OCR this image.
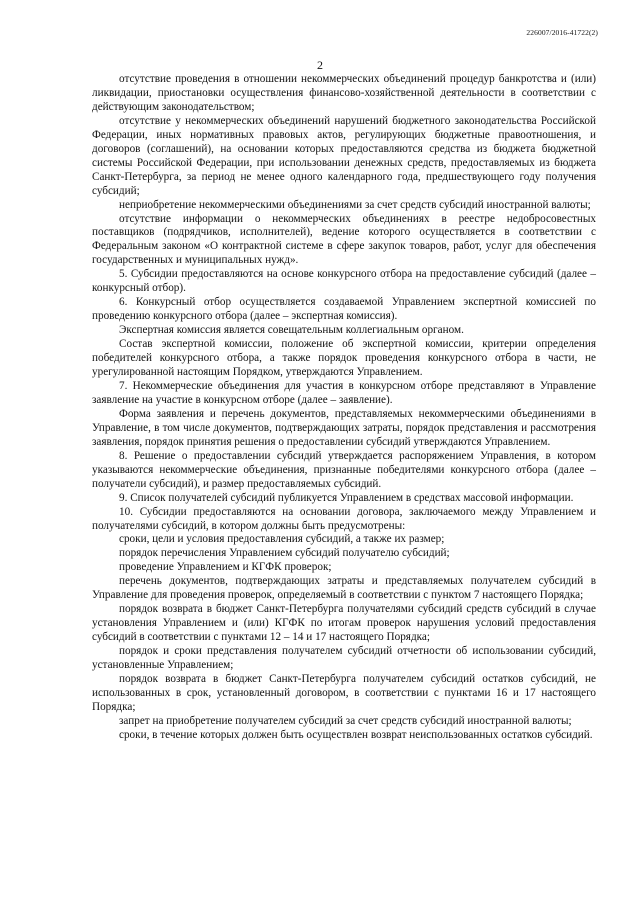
226007/2016-41722(2)
2

отсутствие проведения в отношении некоммерческих объединений процедур банкротства и (или) ликвидации, приостановки осуществления финансово-хозяйственной деятельности в соответствии с действующим законодательством;

отсутствие у некоммерческих объединений нарушений бюджетного законодательства Российской Федерации, иных нормативных правовых актов, регулирующих бюджетные правоотношения, и договоров (соглашений), на основании которых предоставляются средства из бюджета бюджетной системы Российской Федерации, при использовании денежных средств, предоставляемых из бюджета Санкт-Петербурга, за период не менее одного календарного года, предшествующего году получения субсидий;

неприобретение некоммерческими объединениями за счет средств субсидий иностранной валюты;

отсутствие информации о некоммерческих объединениях в реестре недобросовестных поставщиков (подрядчиков, исполнителей), ведение которого осуществляется в соответствии с Федеральным законом «О контрактной системе в сфере закупок товаров, работ, услуг для обеспечения государственных и муниципальных нужд».

5. Субсидии предоставляются на основе конкурсного отбора на предоставление субсидий (далее – конкурсный отбор).

6. Конкурсный отбор осуществляется создаваемой Управлением экспертной комиссией по проведению конкурсного отбора (далее – экспертная комиссия).

Экспертная комиссия является совещательным коллегиальным органом.

Состав экспертной комиссии, положение об экспертной комиссии, критерии определения победителей конкурсного отбора, а также порядок проведения конкурсного отбора в части, не урегулированной настоящим Порядком, утверждаются Управлением.

7. Некоммерческие объединения для участия в конкурсном отборе представляют в Управление заявление на участие в конкурсном отборе (далее – заявление).

Форма заявления и перечень документов, представляемых некоммерческими объединениями в Управление, в том числе документов, подтверждающих затраты, порядок представления и рассмотрения заявления, порядок принятия решения о предоставлении субсидий утверждаются Управлением.

8. Решение о предоставлении субсидий утверждается распоряжением Управления, в котором указываются некоммерческие объединения, признанные победителями конкурсного отбора (далее – получатели субсидий), и размер предоставляемых субсидий.

9. Список получателей субсидий публикуется Управлением в средствах массовой информации.

10. Субсидии предоставляются на основании договора, заключаемого между Управлением и получателями субсидий, в котором должны быть предусмотрены:

сроки, цели и условия предоставления субсидий, а также их размер;

порядок перечисления Управлением субсидий получателю субсидий;

проведение Управлением и КГФК проверок;

перечень документов, подтверждающих затраты и представляемых получателем субсидий в Управление для проведения проверок, определяемый в соответствии с пунктом 7 настоящего Порядка;

порядок возврата в бюджет Санкт-Петербурга получателями субсидий средств субсидий в случае установления Управлением и (или) КГФК по итогам проверок нарушения условий предоставления субсидий в соответствии с пунктами 12 – 14 и 17 настоящего Порядка;

порядок и сроки представления получателем субсидий отчетности об использовании субсидий, установленные Управлением;

порядок возврата в бюджет Санкт-Петербурга получателем субсидий остатков субсидий, не использованных в срок, установленный договором, в соответствии с пунктами 16 и 17 настоящего Порядка;

запрет на приобретение получателем субсидий за счет средств субсидий иностранной валюты;

сроки, в течение которых должен быть осуществлен возврат неиспользованных остатков субсидий.
